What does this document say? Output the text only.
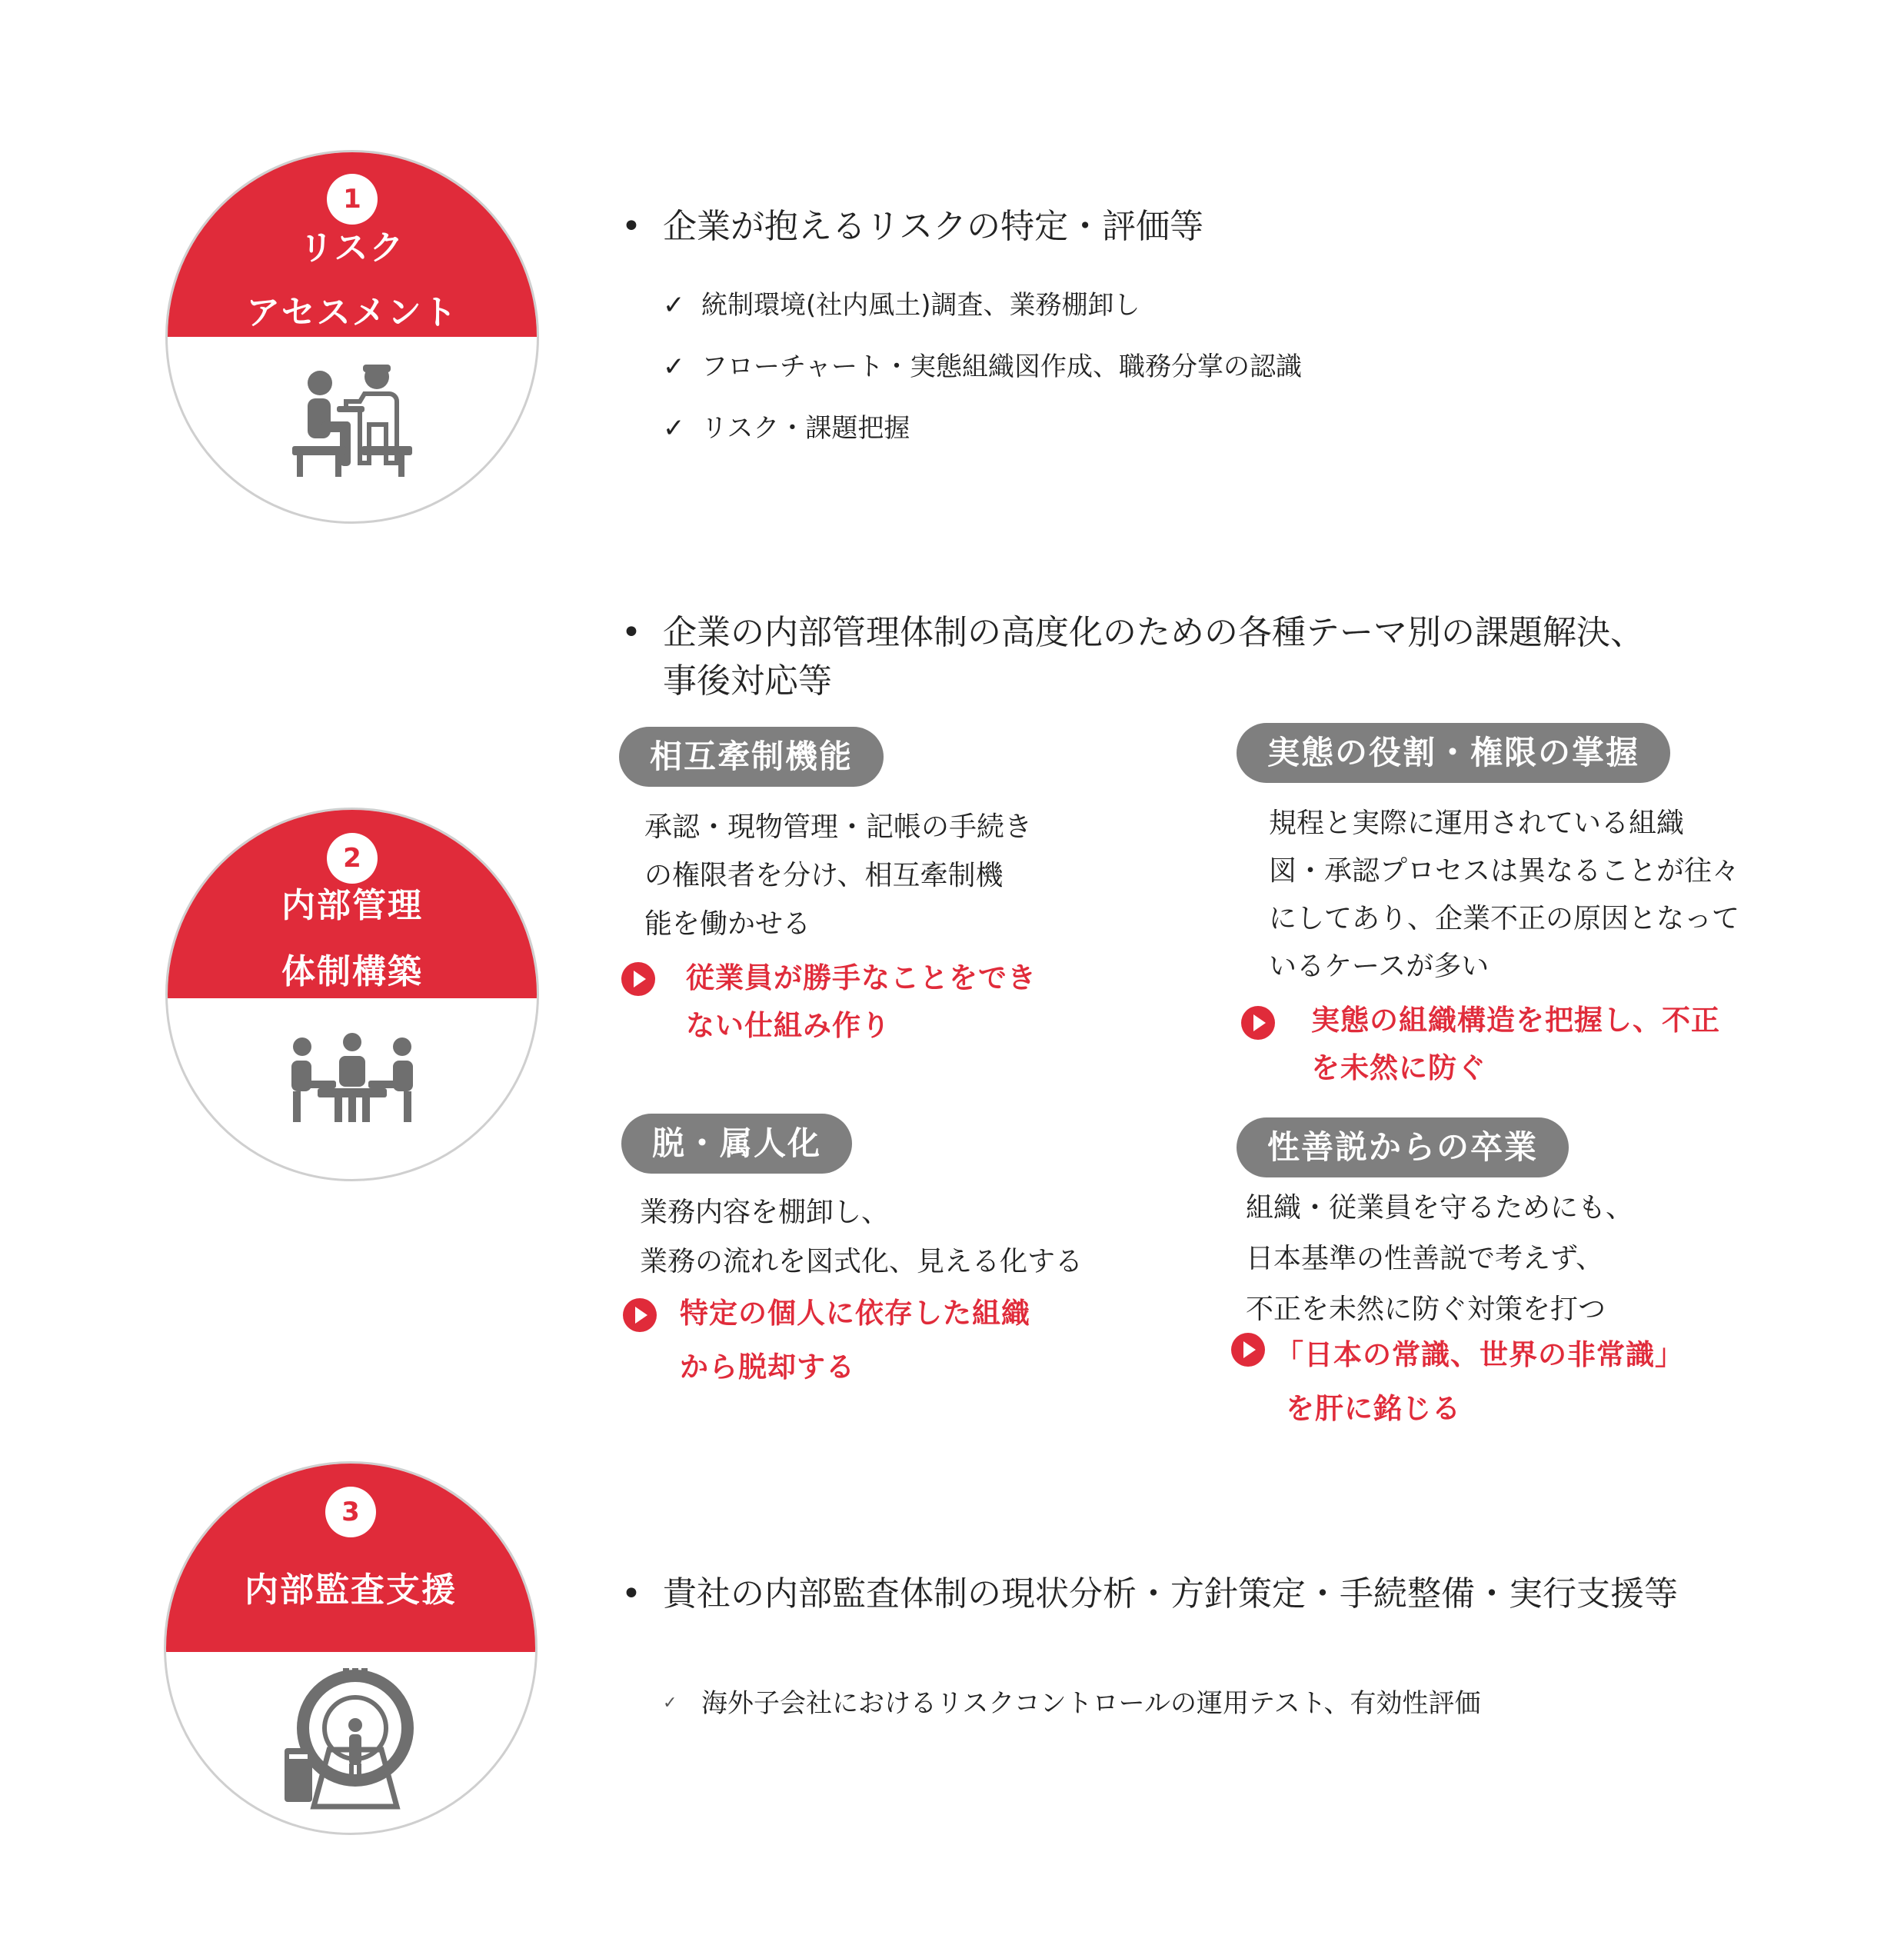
1
リスク
アセスメント
• 企業が抱えるリスクの特定・評価等
✓ 統制環境(社内風土)調査、業務棚卸し
✓ フローチャート・実態組織図作成、職務分掌の認識
✓ リスク・課題把握
2
内部管理
体制構築
• 企業の内部管理体制の高度化のための各種テーマ別の課題解決、
事後対応等
相互牽制機能
承認・現物管理・記帳の手続き
の権限者を分け、相互牽制機
能を働かせる
従業員が勝手なことをでき
ない仕組み作り
実態の役割・権限の掌握
規程と実際に運用されている組織
図・承認プロセスは異なることが往々
にしてあり、企業不正の原因となって
いるケースが多い
実態の組織構造を把握し、不正
を未然に防ぐ
脱・属人化
業務内容を棚卸し、
業務の流れを図式化、見える化する
特定の個人に依存した組織
から脱却する
性善説からの卒業
組織・従業員を守るためにも、
日本基準の性善説で考えず、
不正を未然に防ぐ対策を打つ
「日本の常識、世界の非常識」
を肝に銘じる
3
内部監査支援	• 貴社の内部監査体制の現状分析・方針策定・手続整備・実行支援等
✓ 海外子会社におけるリスクコントロールの運用テスト、有効性評価
